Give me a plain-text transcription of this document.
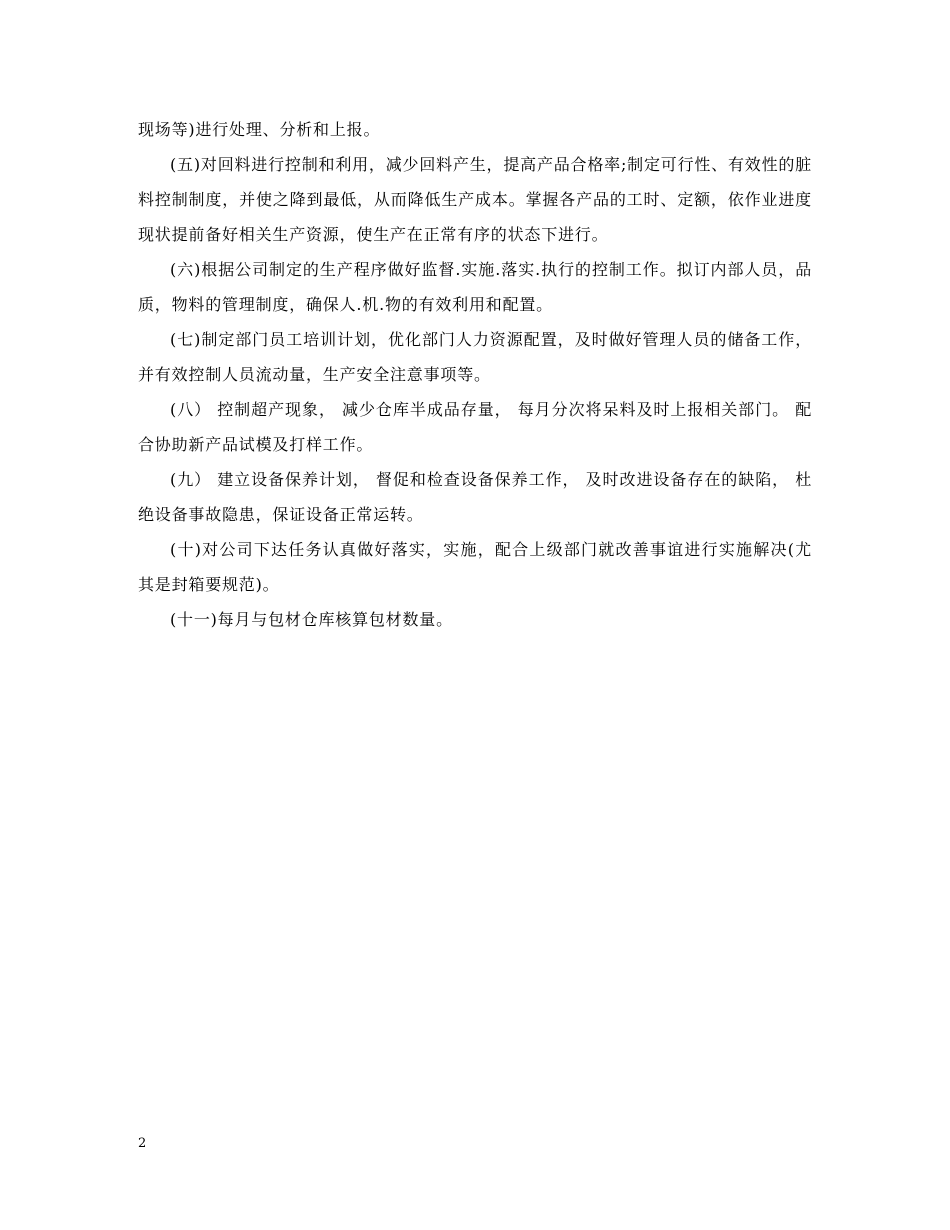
现场等)进行处理、分析和上报。

(五)对回料进行控制和利用，减少回料产生，提高产品合格率;制定可行性、有效性的脏料控制制度，并使之降到最低，从而降低生产成本。掌握各产品的工时、定额，依作业进度现状提前备好相关生产资源，使生产在正常有序的状态下进行。

(六)根据公司制定的生产程序做好监督.实施.落实.执行的控制工作。拟订内部人员，品质，物料的管理制度，确保人.机.物的有效利用和配置。

(七)制定部门员工培训计划，优化部门人力资源配置，及时做好管理人员的储备工作，并有效控制人员流动量，生产安全注意事项等。

(八） 控制超产现象， 减少仓库半成品存量， 每月分次将呆料及时上报相关部门。 配合协助新产品试模及打样工作。

(九） 建立设备保养计划， 督促和检查设备保养工作， 及时改进设备存在的缺陷， 杜绝设备事故隐患，保证设备正常运转。

(十)对公司下达任务认真做好落实，实施，配合上级部门就改善事谊进行实施解决(尤其是封箱要规范)。

(十一)每月与包材仓库核算包材数量。

2
